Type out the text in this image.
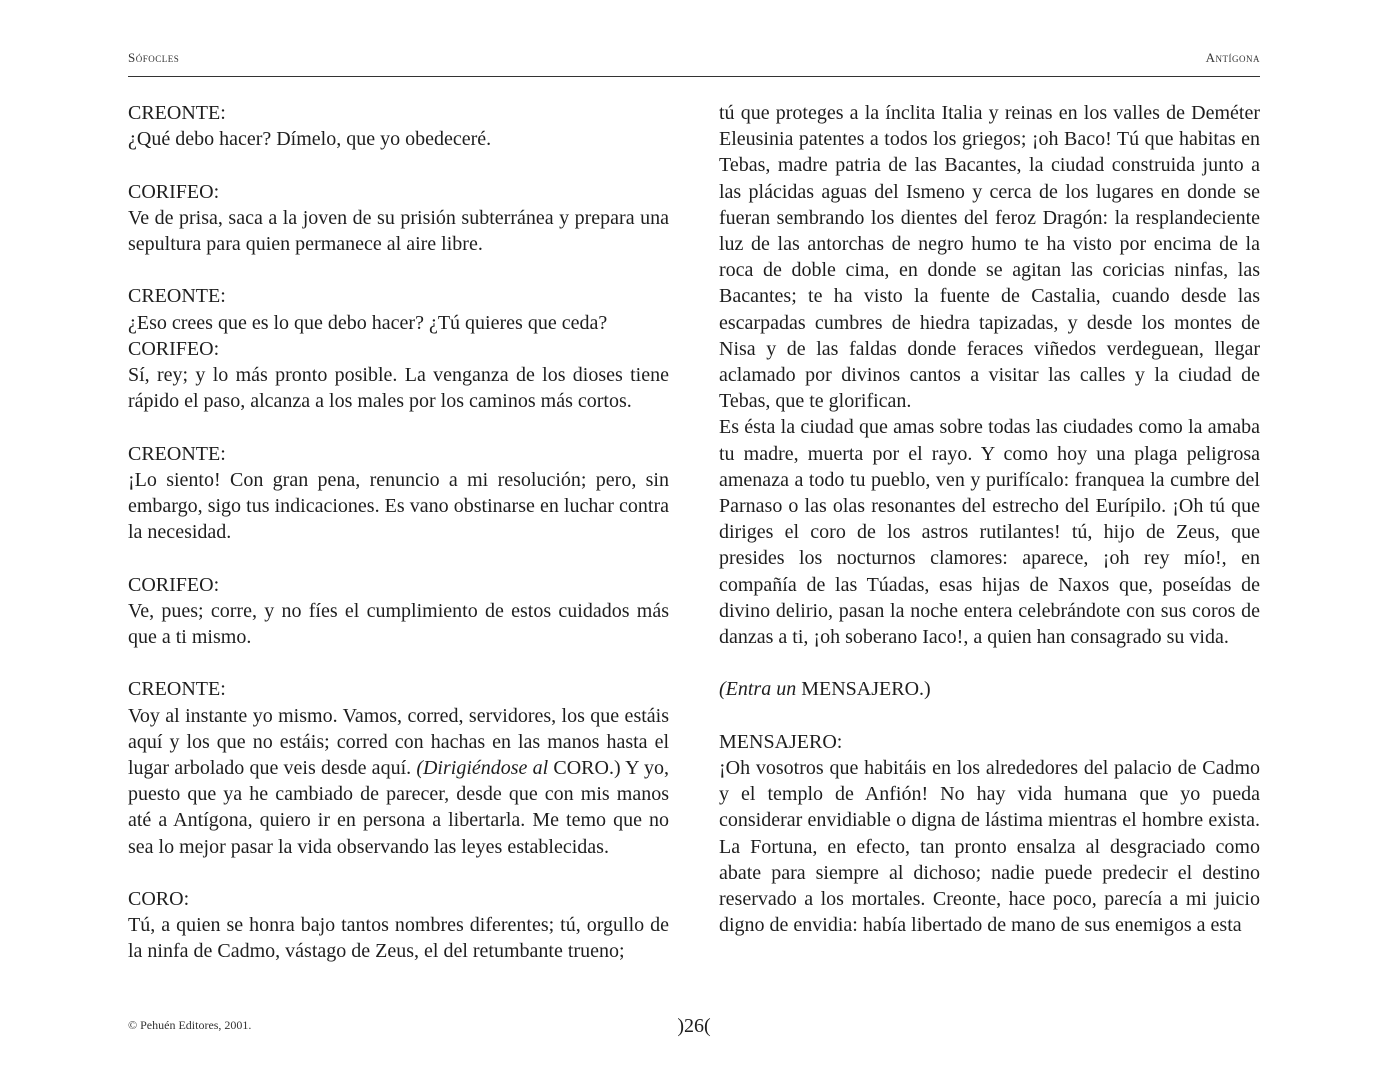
Sófocles	Antígona

CREONTE:

¿Qué debo hacer? Dímelo, que yo obedeceré.

CORIFEO:

Ve de prisa, saca a la joven de su prisión subterránea y prepara una sepultura para quien permanece al aire libre.

CREONTE:

¿Eso crees que es lo que debo hacer? ¿Tú quieres que ceda?

CORIFEO:

Sí, rey; y lo más pronto posible. La venganza de los dioses tiene rápido el paso, alcanza a los males por los caminos más cortos.

CREONTE:

¡Lo siento! Con gran pena, renuncio a mi resolución; pero, sin embargo, sigo tus indicaciones. Es vano obstinarse en luchar contra la necesidad.

CORIFEO:

Ve, pues; corre, y no fíes el cumplimiento de estos cuidados más que a ti mismo.

CREONTE:

Voy al instante yo mismo. Vamos, corred, servidores, los que estáis aquí y los que no estáis; corred con hachas en las manos hasta el lugar arbolado que veis desde aquí. (Dirigiéndose al CORO.) Y yo, puesto que ya he cambiado de parecer, desde que con mis manos até a Antígona, quiero ir en persona a libertarla. Me temo que no sea lo mejor pasar la vida observando las leyes establecidas.

CORO:

Tú, a quien se honra bajo tantos nombres diferentes; tú, orgullo de la ninfa de Cadmo, vástago de Zeus, el del retumbante trueno;

tú que proteges a la ínclita Italia y reinas en los valles de Deméter Eleusinia patentes a todos los griegos; ¡oh Baco! Tú que habitas en Tebas, madre patria de las Bacantes, la ciudad construida junto a las plácidas aguas del Ismeno y cerca de los lugares en donde se fueran sembrando los dientes del feroz Dragón: la resplandeciente luz de las antorchas de negro humo te ha visto por encima de la roca de doble cima, en donde se agitan las coricias ninfas, las Bacantes; te ha visto la fuente de Castalia, cuando desde las escarpadas cumbres de hiedra tapizadas, y desde los montes de Nisa y de las faldas donde feraces viñedos verdeguean, llegar aclamado por divinos cantos a visitar las calles y la ciudad de Tebas, que te glorifican.

Es ésta la ciudad que amas sobre todas las ciudades como la amaba tu madre, muerta por el rayo. Y como hoy una plaga peligrosa amenaza a todo tu pueblo, ven y purifícalo: franquea la cumbre del Parnaso o las olas resonantes del estrecho del Eurípilo. ¡Oh tú que diriges el coro de los astros rutilantes! tú, hijo de Zeus, que presides los nocturnos clamores: aparece, ¡oh rey mío!, en compañía de las Túadas, esas hijas de Naxos que, poseídas de divino delirio, pasan la noche entera celebrándote con sus coros de danzas a ti, ¡oh soberano Iaco!, a quien han consagrado su vida.

(Entra un MENSAJERO.)

MENSAJERO:

¡Oh vosotros que habitáis en los alrededores del palacio de Cadmo y el templo de Anfión! No hay vida humana que yo pueda considerar envidiable o digna de lástima mientras el hombre exista. La Fortuna, en efecto, tan pronto ensalza al desgraciado como abate para siempre al dichoso; nadie puede predecir el destino reservado a los mortales. Creonte, hace poco, parecía a mi juicio digno de envidia: había libertado de mano de sus enemigos a esta

© Pehuén Editores, 2001.	)26(
